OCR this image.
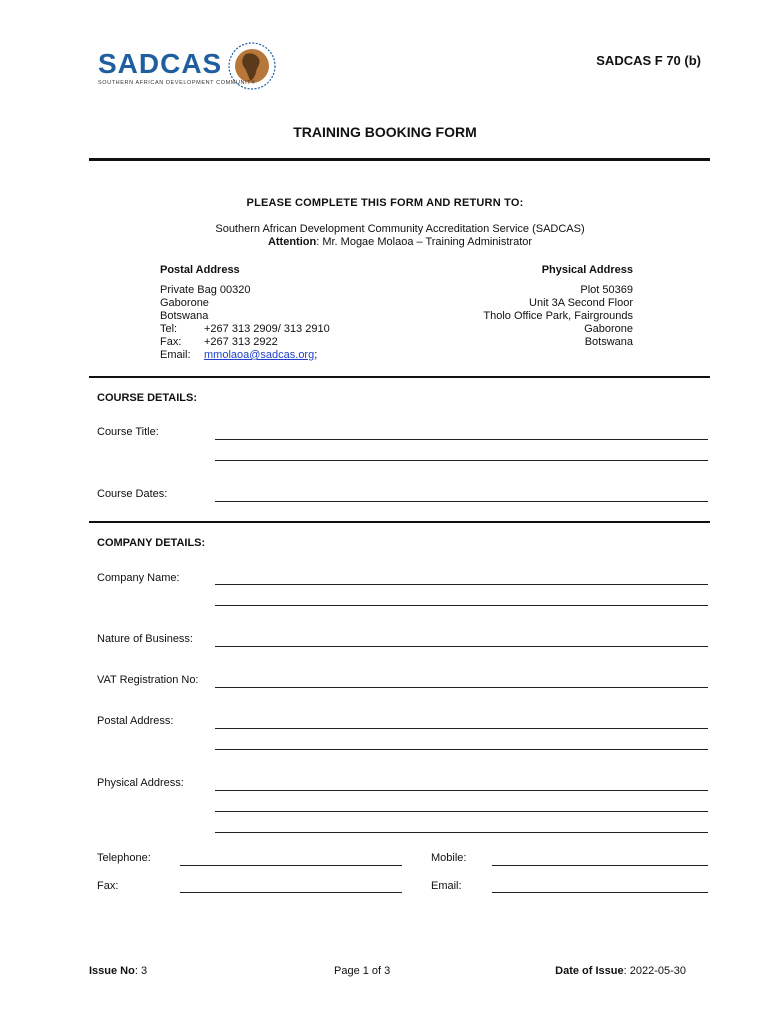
SADCAS
SOUTHERN AFRICAN DEVELOPMENT COMMUNITY
SADCAS F 70 (b)
TRAINING BOOKING FORM
PLEASE COMPLETE THIS FORM AND RETURN TO:
Southern African Development Community Accreditation Service (SADCAS)
Attention: Mr. Mogae Molaoa – Training Administrator
Postal Address
Private Bag 00320
Gaborone
Botswana
Tel: +267 313 2909/ 313 2910
Fax: +267 313 2922
Email: mmolaoa@sadcas.org;
Physical Address
Plot 50369
Unit 3A Second Floor
Tholo Office Park, Fairgrounds
Gaborone
Botswana
COURSE DETAILS:
Course Title:
Course Dates:
COMPANY DETAILS:
Company Name:
Nature of Business:
VAT Registration No:
Postal Address:
Physical Address:
Telephone:	Mobile:
Fax:	Email:
Issue No: 3	Page 1 of 3	Date of Issue: 2022-05-30
